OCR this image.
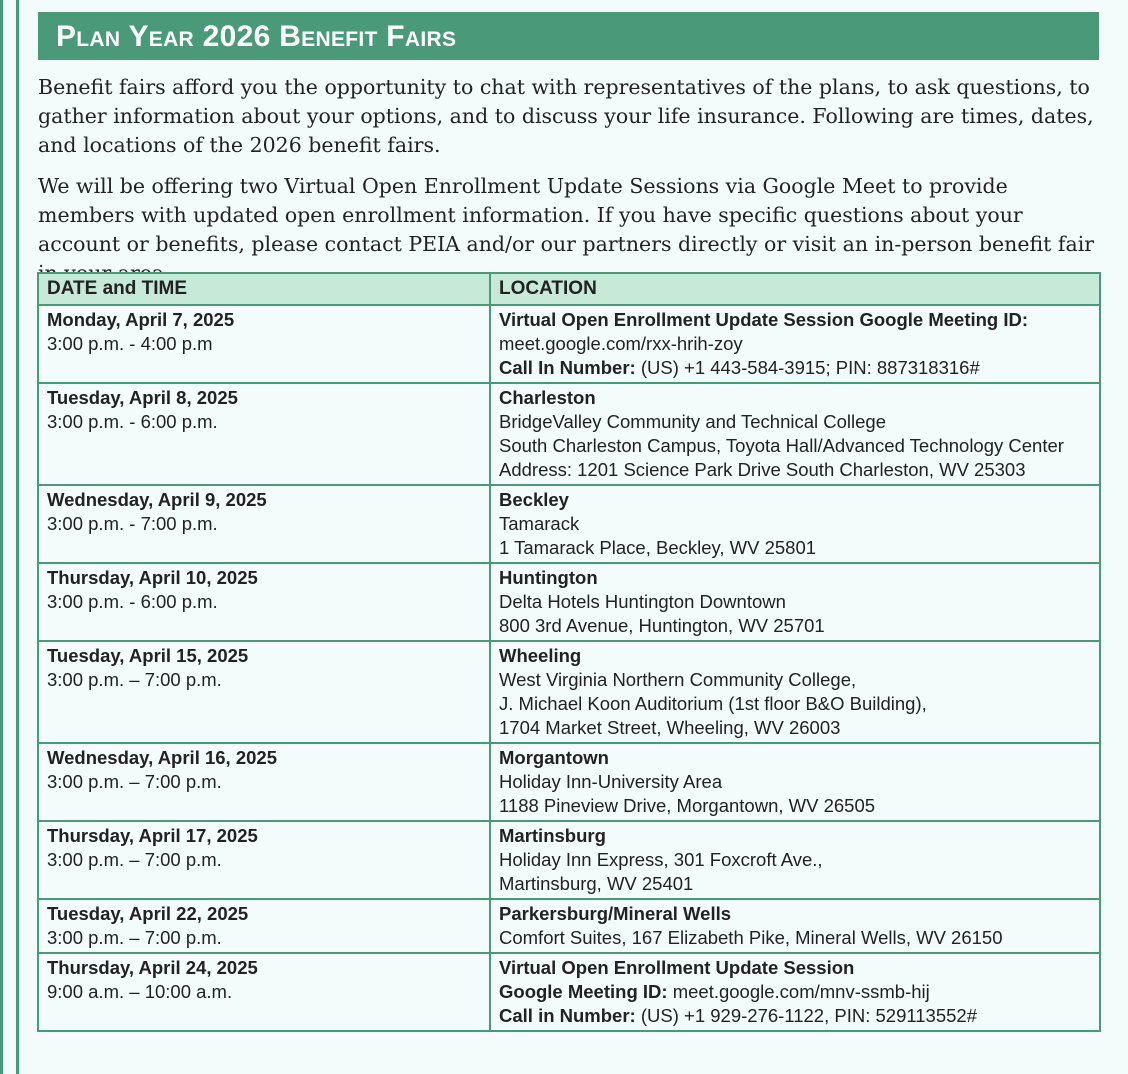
Plan Year 2026 Benefit Fairs

Benefit fairs afford you the opportunity to chat with representatives of the plans, to ask questions, to gather information about your options, and to discuss your life insurance. Following are times, dates, and locations of the 2026 benefit fairs.

We will be offering two Virtual Open Enrollment Update Sessions via Google Meet to provide members with updated open enrollment information. If you have specific questions about your account or benefits, please contact PEIA and/or our partners directly or visit an in-person benefit fair

DATE and TIME	LOCATION

Monday, April 7, 2025
3:00 p.m. - 4:00 p.m	Virtual Open Enrollment Update Session Google Meeting ID:
meet.google.com/rxx-hrih-zoy
Call In Number: (US) +1 443-584-3915; PIN: 887318316#

Tuesday, April 8, 2025
3:00 p.m. - 6:00 p.m.	Charleston
BridgeValley Community and Technical College
South Charleston Campus, Toyota Hall/Advanced Technology Center
Address: 1201 Science Park Drive South Charleston, WV 25303

Wednesday, April 9, 2025
3:00 p.m. - 7:00 p.m.	Beckley
Tamarack
1 Tamarack Place, Beckley, WV 25801

Thursday, April 10, 2025
3:00 p.m. - 6:00 p.m.	Huntington
Delta Hotels Huntington Downtown
800 3rd Avenue, Huntington, WV 25701

Tuesday, April 15, 2025
3:00 p.m. – 7:00 p.m.	Wheeling
West Virginia Northern Community College,
J. Michael Koon Auditorium (1st floor B&O Building),
1704 Market Street, Wheeling, WV 26003

Wednesday, April 16, 2025
3:00 p.m. – 7:00 p.m.	Morgantown
Holiday Inn-University Area
1188 Pineview Drive, Morgantown, WV 26505

Thursday, April 17, 2025
3:00 p.m. – 7:00 p.m.	Martinsburg
Holiday Inn Express, 301 Foxcroft Ave.,
Martinsburg, WV 25401

Tuesday, April 22, 2025
3:00 p.m. – 7:00 p.m.	Parkersburg/Mineral Wells
Comfort Suites, 167 Elizabeth Pike, Mineral Wells, WV 26150

Thursday, April 24, 2025
9:00 a.m. – 10:00 a.m.	Virtual Open Enrollment Update Session
Google Meeting ID: meet.google.com/mnv-ssmb-hij
Call in Number: (US) +1 929-276-1122, PIN: 529113552#
